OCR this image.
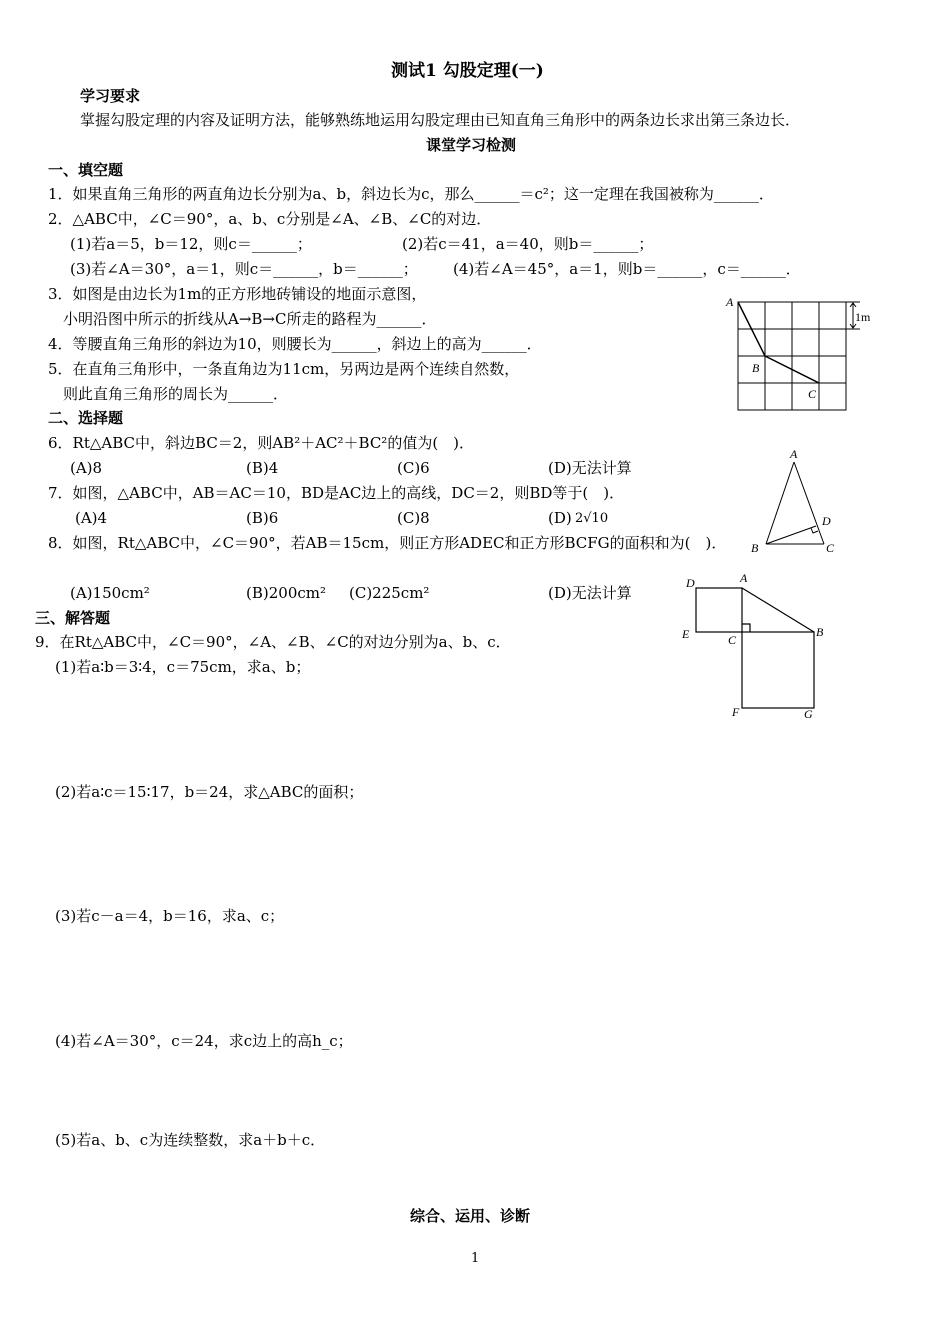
测试1 勾股定理(一)
学习要求
掌握勾股定理的内容及证明方法，能够熟练地运用勾股定理由已知直角三角形中的两条边长求出第三条边长．
课堂学习检测
一、填空题
1．如果直角三角形的两直角边长分别为a、b，斜边长为c，那么______＝c²；这一定理在我国被称为______．
2．△ABC中，∠C＝90°，a、b、c分别是∠A、∠B、∠C的对边．
(1)若a＝5，b＝12，则c＝______；	(2)若c＝41，a＝40，则b＝______；
(3)若∠A＝30°，a＝1，则c＝______，b＝______； (4)若∠A＝45°，a＝1，则b＝______，c＝______．
3．如图是由边长为1m的正方形地砖铺设的地面示意图，
小明沿图中所示的折线从A→B→C所走的路程为______．
4．等腰直角三角形的斜边为10，则腰长为______，斜边上的高为______．
5．在直角三角形中，一条直角边为11cm，另两边是两个连续自然数，
则此直角三角形的周长为______．
A
B
C
1m
二、选择题
6．Rt△ABC中，斜边BC＝2，则AB²＋AC²＋BC²的值为(　)．
(A)8	(B)4	(C)6	(D)无法计算
7．如图，△ABC中，AB＝AC＝10，BD是AC边上的高线，DC＝2，则BD等于(　)．
(A)4	(B)6	(C)8	(D) 2√10
8．如图，Rt△ABC中，∠C＝90°，若AB＝15cm，则正方形ADEC和正方形BCFG的面积和为(　)．
A
B	C
D
(A)150cm²	(B)200cm² (C)225cm²	(D)无法计算
D	A
E	C
B
F	G
三、解答题
9．在Rt△ABC中，∠C＝90°，∠A、∠B、∠C的对边分别为a、b、c．
(1)若a∶b＝3∶4，c＝75cm，求a、b；
(2)若a∶c＝15∶17，b＝24，求△ABC的面积；
(3)若c－a＝4，b＝16，求a、c；
(4)若∠A＝30°，c＝24，求c边上的高h_c；
(5)若a、b、c为连续整数，求a＋b＋c．
综合、运用、诊断
1
